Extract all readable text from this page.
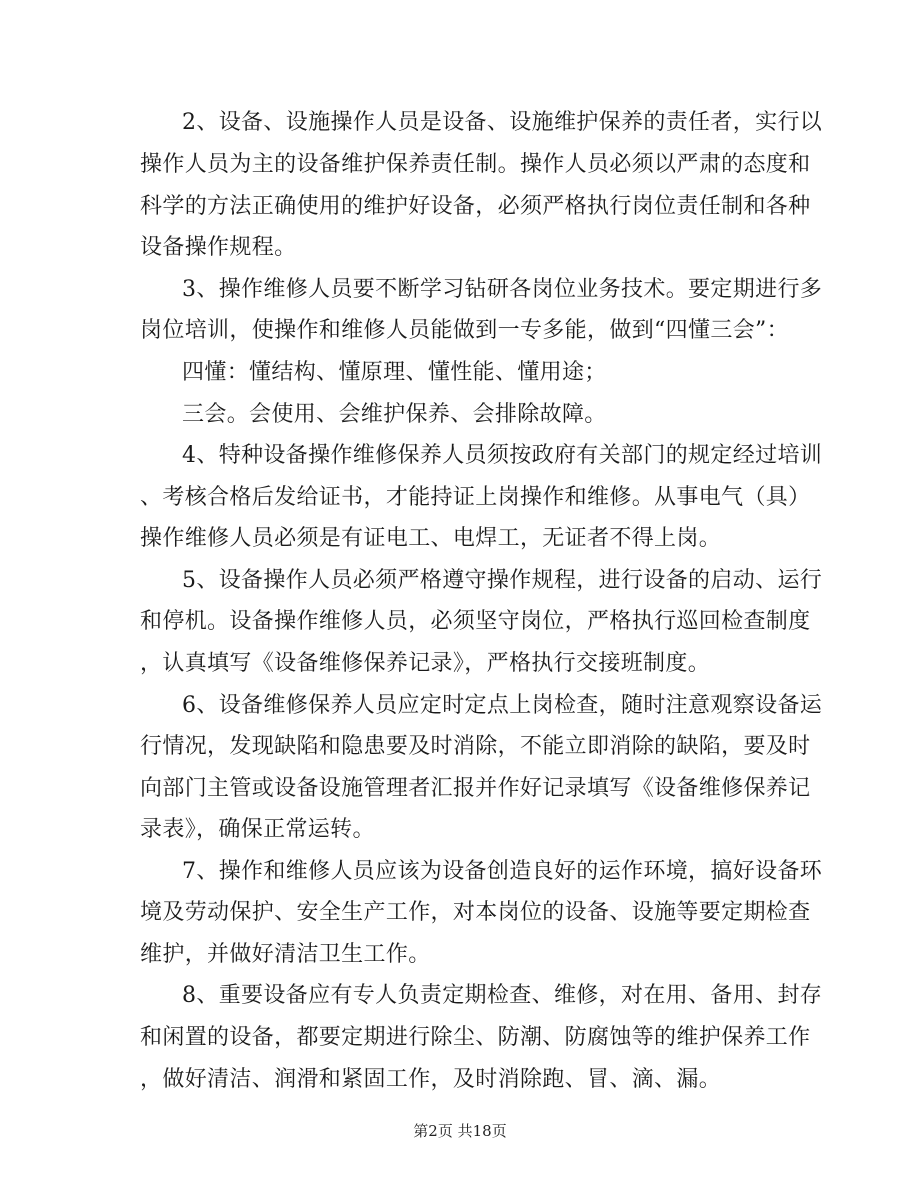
2、设备、设施操作人员是设备、设施维护保养的责任者，实行以
操作人员为主的设备维护保养责任制。操作人员必须以严肃的态度和
科学的方法正确使用的维护好设备，必须严格执行岗位责任制和各种
设备操作规程。
3、操作维修人员要不断学习钻研各岗位业务技术。要定期进行多
岗位培训，使操作和维修人员能做到一专多能，做到“四懂三会”：
四懂：懂结构、懂原理、懂性能、懂用途；
三会。会使用、会维护保养、会排除故障。
4、特种设备操作维修保养人员须按政府有关部门的规定经过培训
、考核合格后发给证书，才能持证上岗操作和维修。从事电气（具）
操作维修人员必须是有证电工、电焊工，无证者不得上岗。
5、设备操作人员必须严格遵守操作规程，进行设备的启动、运行
和停机。设备操作维修人员，必须坚守岗位，严格执行巡回检查制度
，认真填写《设备维修保养记录》，严格执行交接班制度。
6、设备维修保养人员应定时定点上岗检查，随时注意观察设备运
行情况，发现缺陷和隐患要及时消除，不能立即消除的缺陷，要及时
向部门主管或设备设施管理者汇报并作好记录填写《设备维修保养记
录表》，确保正常运转。
7、操作和维修人员应该为设备创造良好的运作环境，搞好设备环
境及劳动保护、安全生产工作，对本岗位的设备、设施等要定期检查
维护，并做好清洁卫生工作。
8、重要设备应有专人负责定期检查、维修，对在用、备用、封存
和闲置的设备，都要定期进行除尘、防潮、防腐蚀等的维护保养工作
，做好清洁、润滑和紧固工作，及时消除跑、冒、滴、漏。
第2页 共18页
